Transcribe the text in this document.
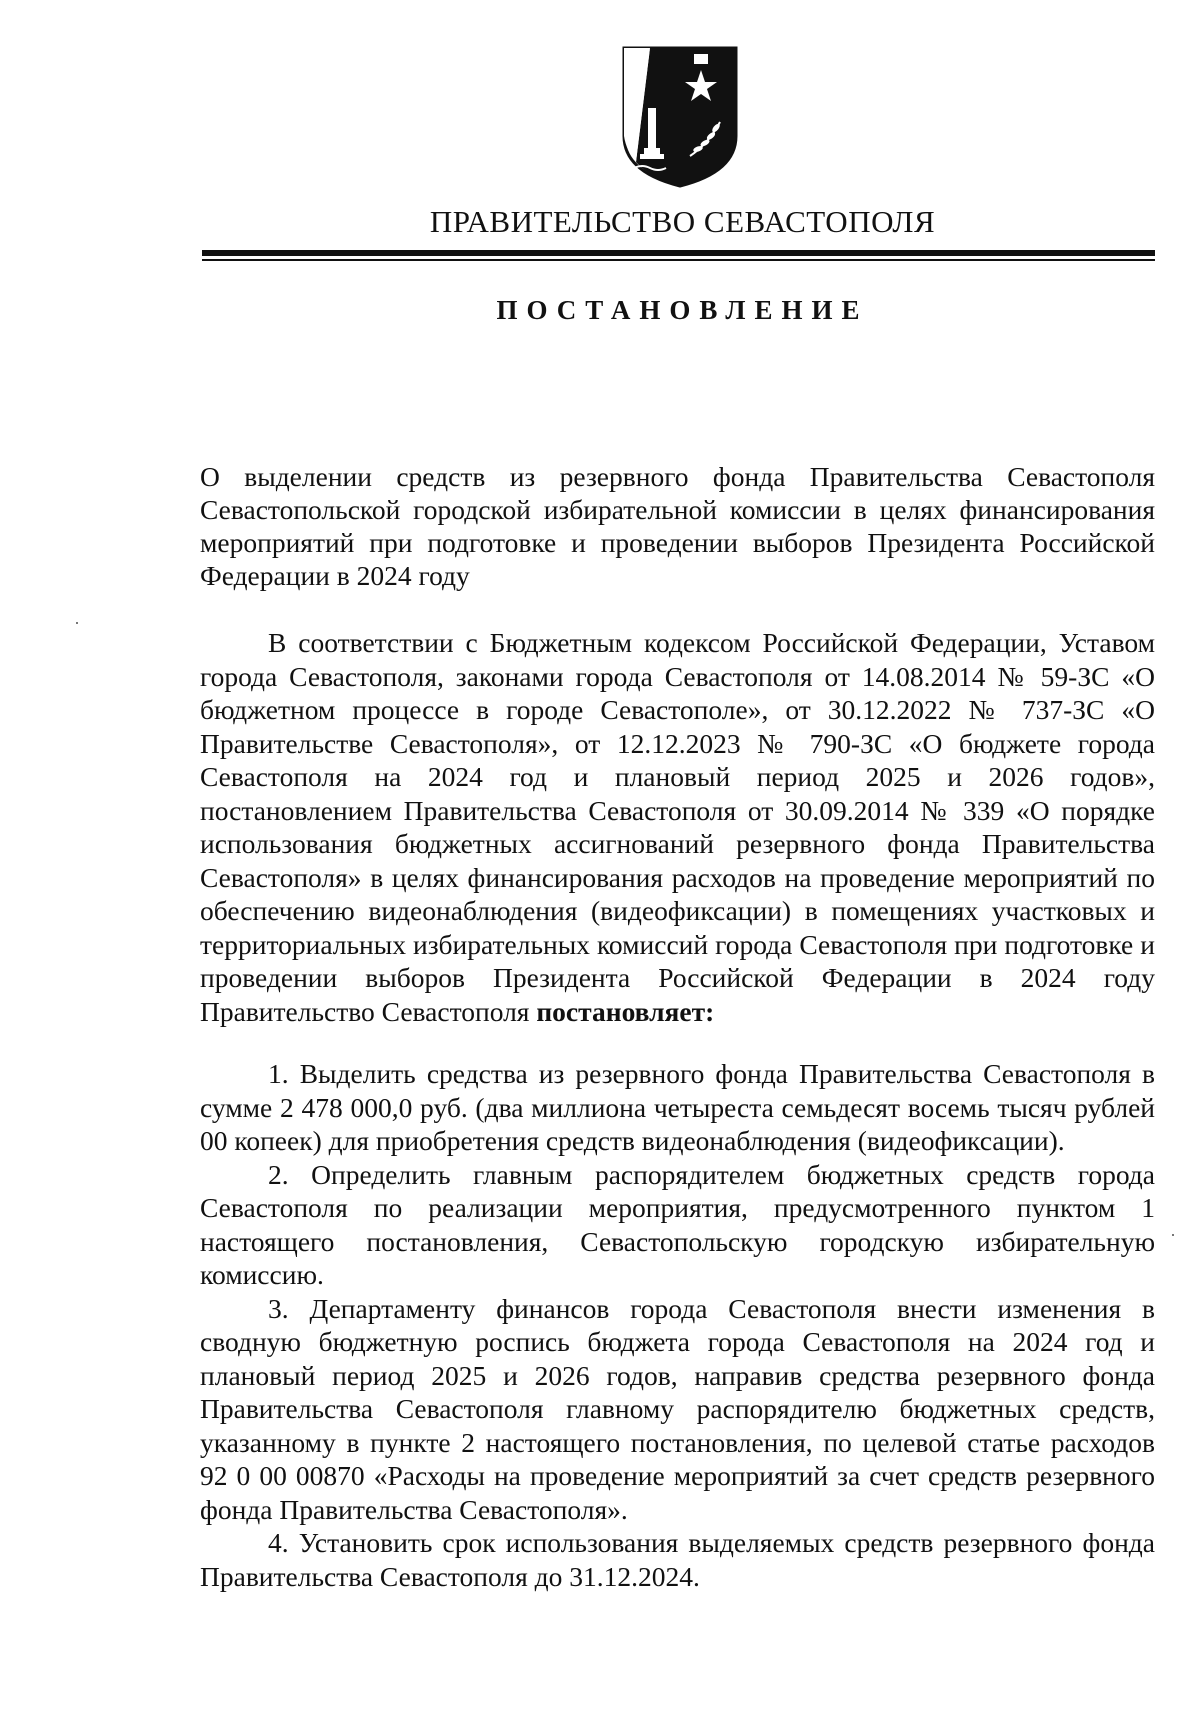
ПРАВИТЕЛЬСТВО СЕВАСТОПОЛЯ
ПОСТАНОВЛЕНИЕ
О выделении средств из резервного фонда Правительства Севастополя Севастопольской городской избирательной комиссии в целях финансирования мероприятий при подготовке и проведении выборов Президента Российской Федерации в 2024 году

В соответствии с Бюджетным кодексом Российской Федерации, Уставом города Севастополя, законами города Севастополя от 14.08.2014 № 59-ЗС «О бюджетном процессе в городе Севастополе», от 30.12.2022 № 737-ЗС «О Правительстве Севастополя», от 12.12.2023 № 790-ЗС «О бюджете города Севастополя на 2024 год и плановый период 2025 и 2026 годов», постановлением Правительства Севастополя от 30.09.2014 № 339 «О порядке использования бюджетных ассигнований резервного фонда Правительства Севастополя» в целях финансирования расходов на проведение мероприятий по обеспечению видеонаблюдения (видеофиксации) в помещениях участковых и территориальных избирательных комиссий города Севастополя при подготовке и проведении выборов Президента Российской Федерации в 2024 году Правительство Севастополя постановляет:

1. Выделить средства из резервного фонда Правительства Севастополя в сумме 2 478 000,0 руб. (два миллиона четыреста семьдесят восемь тысяч рублей 00 копеек) для приобретения средств видеонаблюдения (видеофиксации).

2. Определить главным распорядителем бюджетных средств города Севастополя по реализации мероприятия, предусмотренного пунктом 1 настоящего постановления, Севастопольскую городскую избирательную комиссию.

3. Департаменту финансов города Севастополя внести изменения в сводную бюджетную роспись бюджета города Севастополя на 2024 год и плановый период 2025 и 2026 годов, направив средства резервного фонда Правительства Севастополя главному распорядителю бюджетных средств, указанному в пункте 2 настоящего постановления, по целевой статье расходов 92 0 00 00870 «Расходы на проведение мероприятий за счет средств резервного фонда Правительства Севастополя».

4. Установить срок использования выделяемых средств резервного фонда Правительства Севастополя до 31.12.2024.
